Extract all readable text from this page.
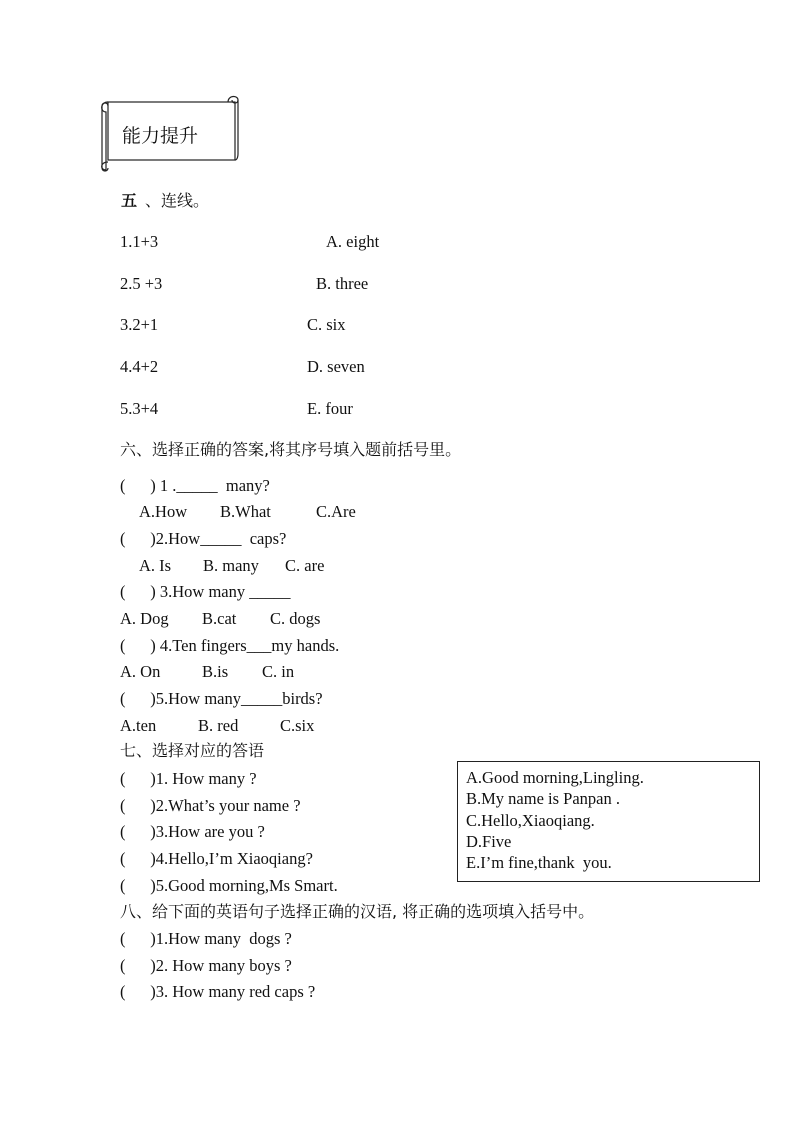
能力提升
五 、连线。
1.1+3	A. eight
2.5 +3	B. three
3.2+1	C. six
4.4+2	D. seven
5.3+4	E. four
六、选择正确的答案,将其序号填入题前括号里。
(      ) 1 ._____  many?
A.How B.What	C.Are
(      )2.How_____  caps?
A. Is B. many C. are
(      ) 3.How many _____
A. Dog B.cat C. dogs
(      ) 4.Ten fingers___my hands.
A. On	B.is C. in
(      )5.How many_____birds?
A.ten	B. red	C.six
七、选择对应的答语
(      )1. How many ?
(      )2.What’s your name ?
(      )3.How are you ?
(      )4.Hello,I’m Xiaoqiang?
(      )5.Good morning,Ms Smart.
A.Good morning,Lingling.
B.My name is Panpan .
C.Hello,Xiaoqiang.
D.Five
E.I’m fine,thank  you.
八、给下面的英语句子选择正确的汉语, 将正确的选项填入括号中。
(      )1.How many  dogs ?
(      )2. How many boys ?
(      )3. How many red caps ?
